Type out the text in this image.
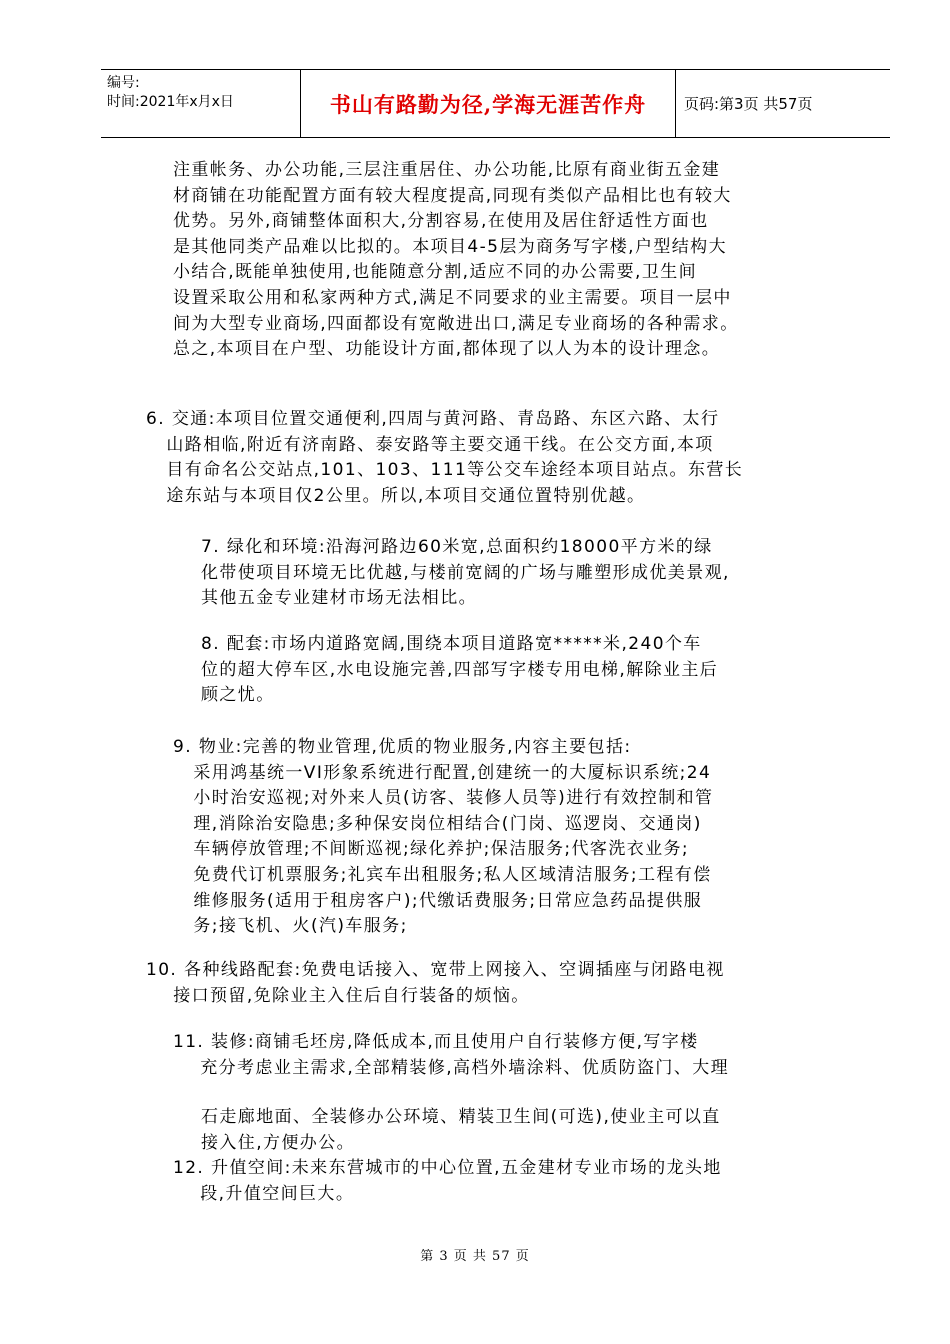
编号:
时间:2021年x月x日	书山有路勤为径,学海无涯苦作舟	页码:第3页 共57页

注重帐务、办公功能,三层注重居住、办公功能,比原有商业街五金建
材商铺在功能配置方面有较大程度提高,同现有类似产品相比也有较大
优势。另外,商铺整体面积大,分割容易,在使用及居住舒适性方面也
是其他同类产品难以比拟的。本项目4-5层为商务写字楼,户型结构大
小结合,既能单独使用,也能随意分割,适应不同的办公需要,卫生间
设置采取公用和私家两种方式,满足不同要求的业主需要。项目一层中
间为大型专业商场,四面都设有宽敞进出口,满足专业商场的各种需求。
总之,本项目在户型、功能设计方面,都体现了以人为本的设计理念。

6. 交通:本项目位置交通便利,四周与黄河路、青岛路、东区六路、太行
山路相临,附近有济南路、泰安路等主要交通干线。在公交方面,本项
目有命名公交站点,101、103、111等公交车途经本项目站点。东营长
途东站与本项目仅2公里。所以,本项目交通位置特别优越。

7. 绿化和环境:沿海河路边60米宽,总面积约18000平方米的绿
化带使项目环境无比优越,与楼前宽阔的广场与雕塑形成优美景观,
其他五金专业建材市场无法相比。

8. 配套:市场内道路宽阔,围绕本项目道路宽*****米,240个车
位的超大停车区,水电设施完善,四部写字楼专用电梯,解除业主后
顾之忧。

9. 物业:完善的物业管理,优质的物业服务,内容主要包括:
采用鸿基统一VI形象系统进行配置,创建统一的大厦标识系统;24
小时治安巡视;对外来人员(访客、装修人员等)进行有效控制和管
理,消除治安隐患;多种保安岗位相结合(门岗、巡逻岗、交通岗)
车辆停放管理;不间断巡视;绿化养护;保洁服务;代客洗衣业务;
免费代订机票服务;礼宾车出租服务;私人区域清洁服务;工程有偿
维修服务(适用于租房客户);代缴话费服务;日常应急药品提供服
务;接飞机、火(汽)车服务;

10. 各种线路配套:免费电话接入、宽带上网接入、空调插座与闭路电视
接口预留,免除业主入住后自行装备的烦恼。

11. 装修:商铺毛坯房,降低成本,而且使用户自行装修方便,写字楼
充分考虑业主需求,全部精装修,高档外墙涂料、优质防盗门、大理

石走廊地面、全装修办公环境、精装卫生间(可选),使业主可以直
接入住,方便办公。

12. 升值空间:未来东营城市的中心位置,五金建材专业市场的龙头地
段,升值空间巨大。

第 3 页 共 57 页
